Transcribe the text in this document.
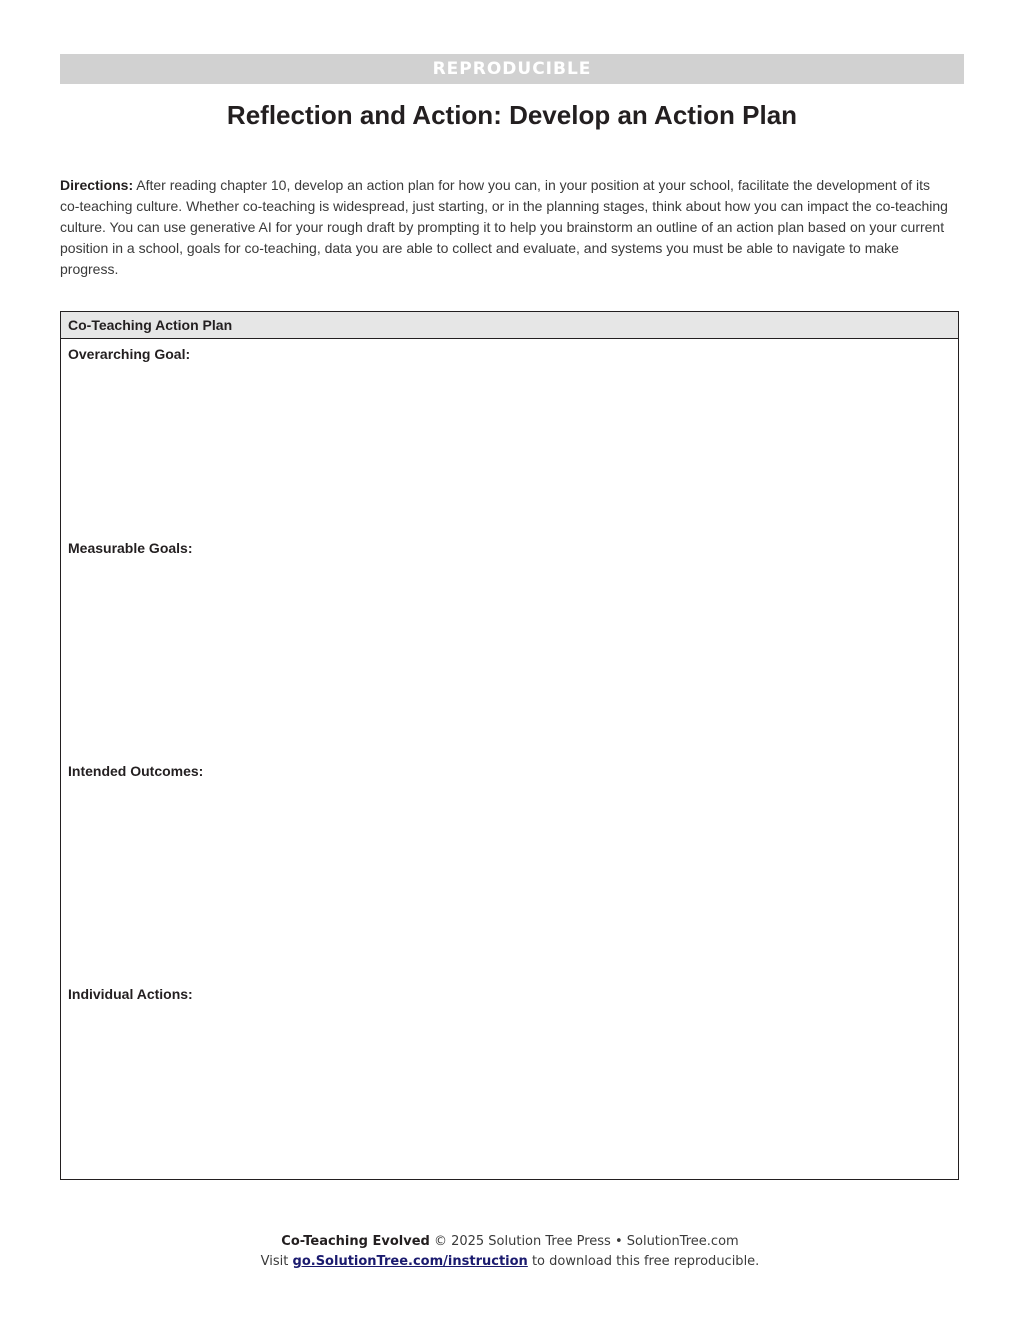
REPRODUCIBLE
Reflection and Action: Develop an Action Plan

Directions: After reading chapter 10, develop an action plan for how you can, in your position at your school, facilitate the development of its co-teaching culture. Whether co-teaching is widespread, just starting, or in the planning stages, think about how you can impact the co-teaching culture. You can use generative AI for your rough draft by prompting it to help you brainstorm an outline of an action plan based on your current position in a school, goals for co-teaching, data you are able to collect and evaluate, and systems you must be able to navigate to make progress.

Co-Teaching Action Plan
Overarching Goal:
Measurable Goals:
Intended Outcomes:
Individual Actions:
Co-Teaching Evolved © 2025 Solution Tree Press • SolutionTree.com
Visit go.SolutionTree.com/instruction to download this free reproducible.
